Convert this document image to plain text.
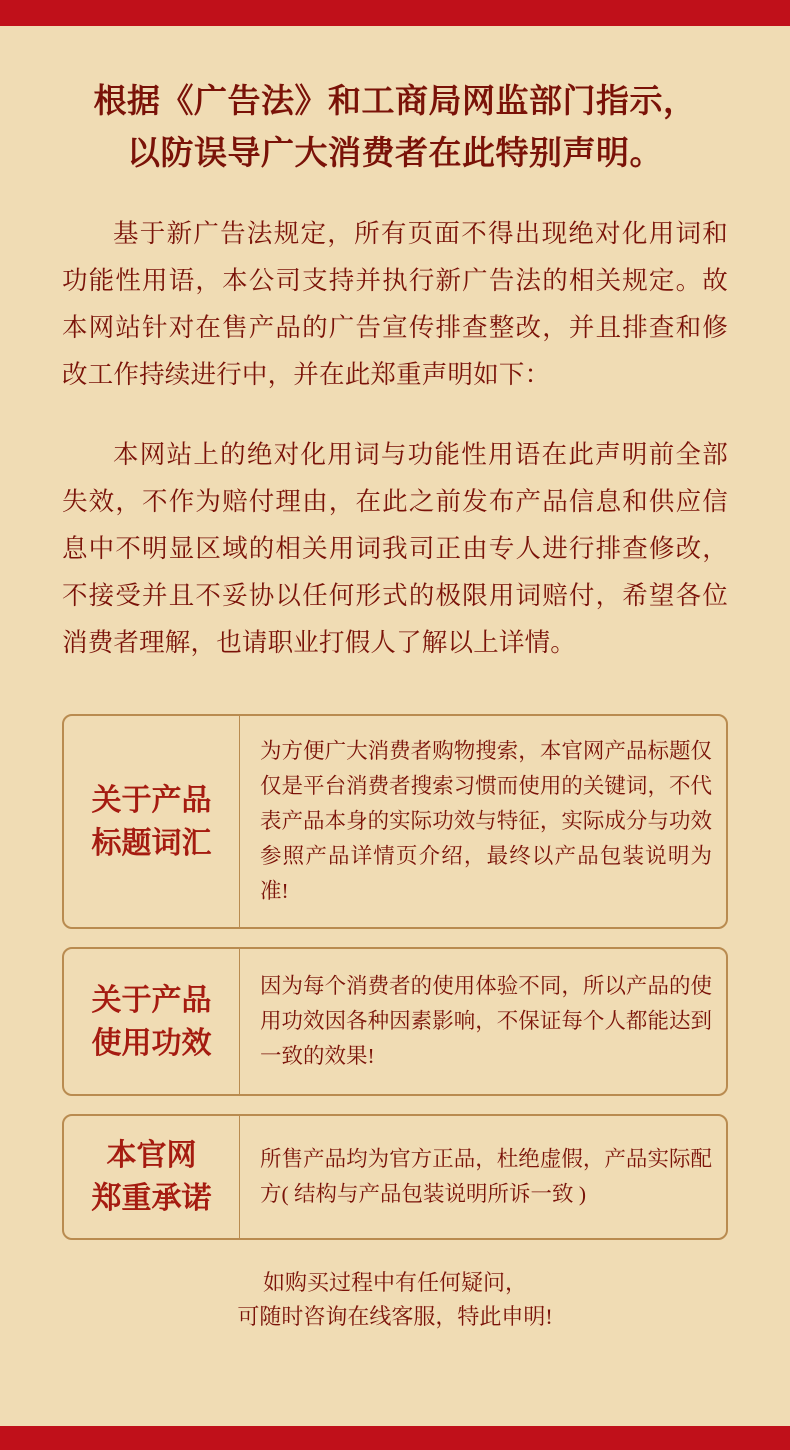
根据《广告法》和工商局网监部门指示，
以防误导广大消费者在此特别声明。
基于新广告法规定，所有页面不得出现绝对化用词和功能性用语，本公司支持并执行新广告法的相关规定。故本网站针对在售产品的广告宣传排查整改，并且排查和修改工作持续进行中，并在此郑重声明如下：
本网站上的绝对化用词与功能性用语在此声明前全部失效，不作为赔付理由，在此之前发布产品信息和供应信息中不明显区域的相关用词我司正由专人进行排查修改，不接受并且不妥协以任何形式的极限用词赔付，希望各位消费者理解，也请职业打假人了解以上详情。
关于产品
标题词汇
为方便广大消费者购物搜索，本官网产品标题仅仅是平台消费者搜索习惯而使用的关键词，不代表产品本身的实际功效与特征，实际成分与功效参照产品详情页介绍，最终以产品包装说明为准!
关于产品
使用功效
因为每个消费者的使用体验不同，所以产品的使用功效因各种因素影响，不保证每个人都能达到一致的效果!
本官网
郑重承诺
所售产品均为官方正品，杜绝虚假，产品实际配方( 结构与产品包装说明所诉一致 )
如购买过程中有任何疑问，
可随时咨询在线客服，特此申明!
